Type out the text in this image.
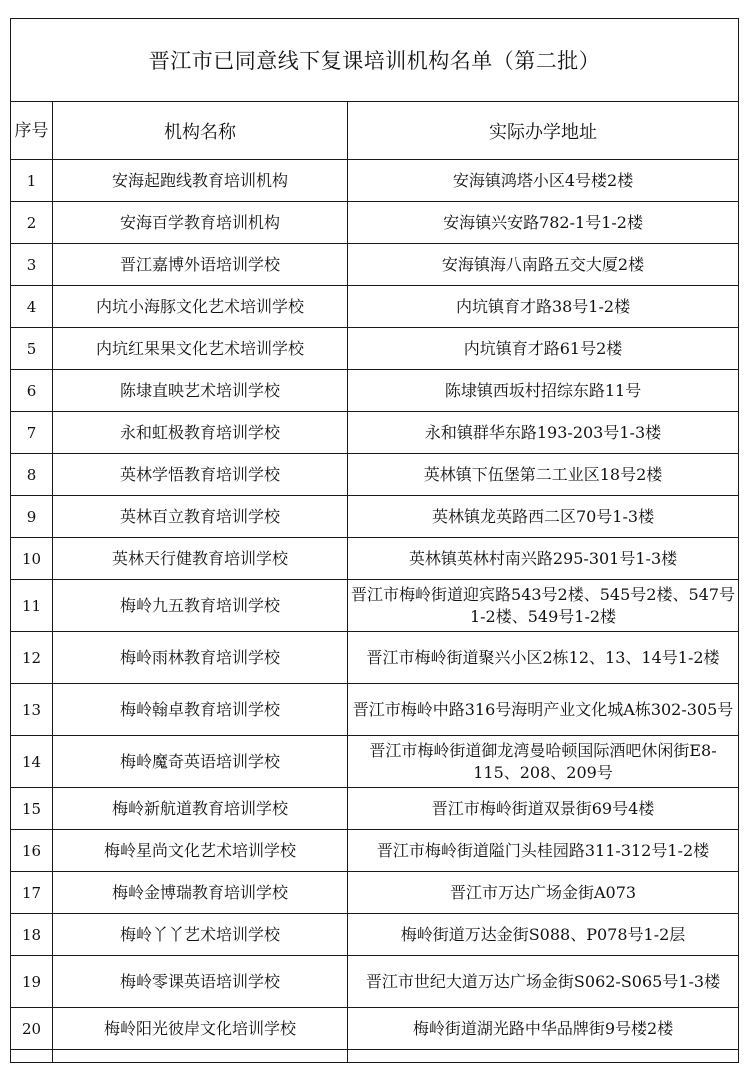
晋江市已同意线下复课培训机构名单（第二批）		
序号	机构名称	实际办学地址
1	安海起跑线教育培训机构	安海镇鸿塔小区4号楼2楼
2	安海百学教育培训机构	安海镇兴安路782-1号1-2楼
3	晋江嘉博外语培训学校	安海镇海八南路五交大厦2楼
4	内坑小海豚文化艺术培训学校	内坑镇育才路38号1-2楼
5	内坑红果果文化艺术培训学校	内坑镇育才路61号2楼
6	陈埭直映艺术培训学校	陈埭镇西坂村招综东路11号
7	永和虹极教育培训学校	永和镇群华东路193-203号1-3楼
8	英林学悟教育培训学校	英林镇下伍堡第二工业区18号2楼
9	英林百立教育培训学校	英林镇龙英路西二区70号1-3楼
10	英林天行健教育培训学校	英林镇英林村南兴路295-301号1-3楼
11	梅岭九五教育培训学校	晋江市梅岭街道迎宾路543号2楼、545号2楼、547号1-2楼、549号1-2楼
12	梅岭雨林教育培训学校	晋江市梅岭街道聚兴小区2栋12、13、14号1-2楼
13	梅岭翰卓教育培训学校	晋江市梅岭中路316号海明产业文化城A栋302-305号
14	梅岭魔奇英语培训学校	晋江市梅岭街道御龙湾曼哈顿国际酒吧休闲街E8-115、208、209号
15	梅岭新航道教育培训学校	晋江市梅岭街道双景街69号4楼
16	梅岭星尚文化艺术培训学校	晋江市梅岭街道隘门头桂园路311-312号1-2楼
17	梅岭金博瑞教育培训学校	晋江市万达广场金街A073
18	梅岭丫丫艺术培训学校	梅岭街道万达金街S088、P078号1-2层
19	梅岭零课英语培训学校	晋江市世纪大道万达广场金街S062-S065号1-3楼
20	梅岭阳光彼岸文化培训学校	梅岭街道湖光路中华品牌街9号楼2楼
